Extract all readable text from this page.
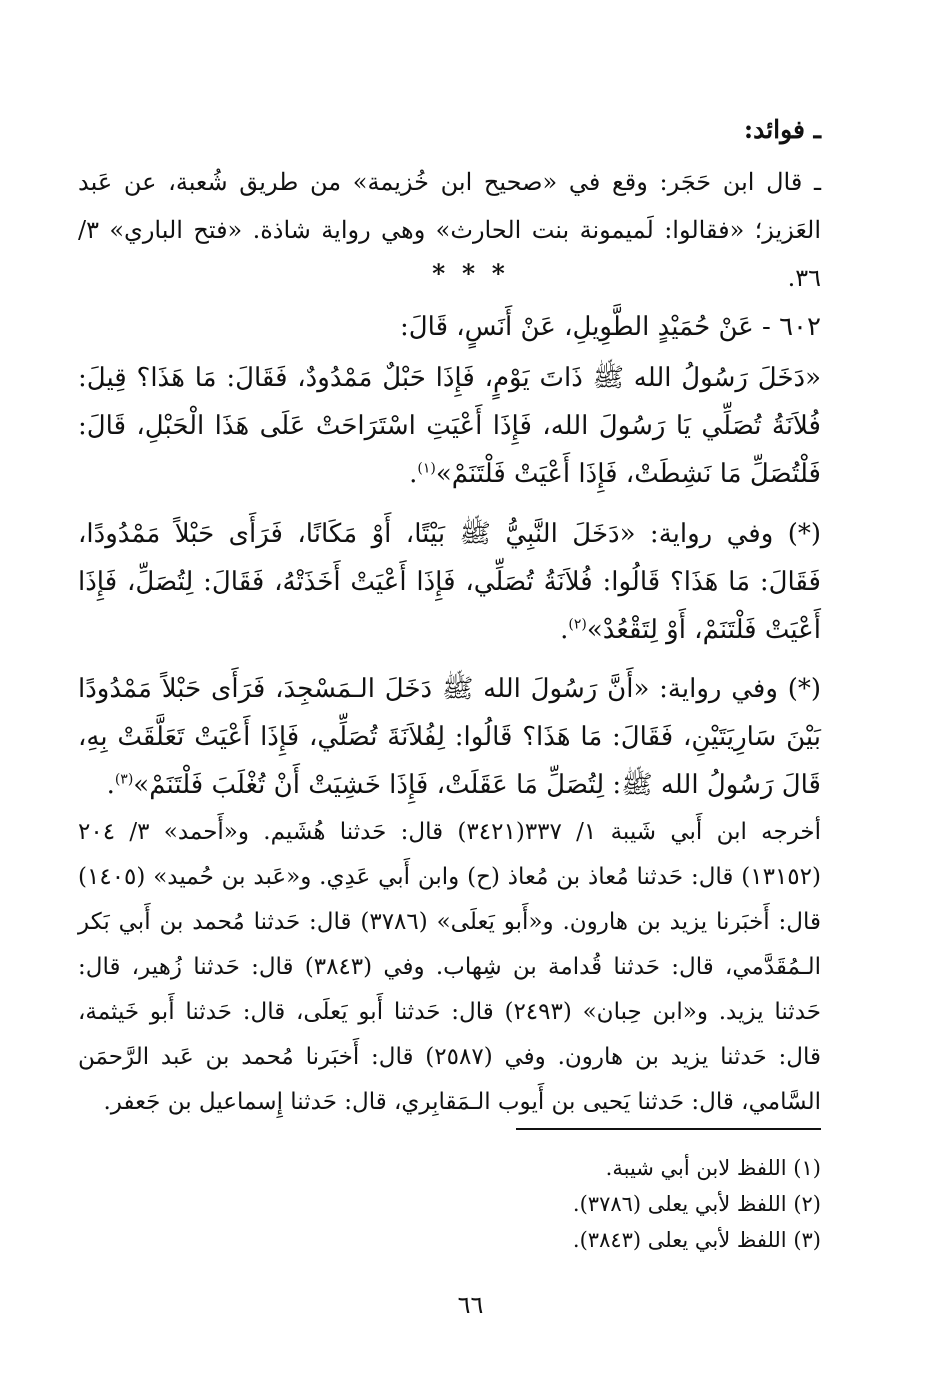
ـ فوائد:
ـ قال ابن حَجَر: وقع في «صحيح ابن خُزيمة» من طريق شُعبة، عن عَبد العَزيز؛ «فقالوا: لَميمونة بنت الحارث» وهي رواية شاذة. «فتح الباري» ٣/ ٣٦.
* * *
٦٠٢ - عَنْ حُمَيْدٍ الطَّوِيلِ، عَنْ أَنَسٍ، قَالَ:
«دَخَلَ رَسُولُ الله ﷺ ذَاتَ يَوْمٍ، فَإِذَا حَبْلٌ مَمْدُودٌ، فَقَالَ: مَا هَذَا؟ قِيلَ: فُلاَنَةُ تُصَلِّي يَا رَسُولَ الله، فَإِذَا أَعْيَتِ اسْتَرَاحَتْ عَلَى هَذَا الْحَبْلِ، قَالَ: فَلْتُصَلِّ مَا نَشِطَتْ، فَإِذَا أَعْيَتْ فَلْتَنَمْ»$^{(١)}$.
(*) وفي رواية: «دَخَلَ النَّبِيُّ ﷺ بَيْتًا، أَوْ مَكَانًا، فَرَأَى حَبْلاً مَمْدُودًا، فَقَالَ: مَا هَذَا؟ قَالُوا: فُلاَنَةُ تُصَلِّي، فَإِذَا أَعْيَتْ أَخَذَتْهُ، فَقَالَ: لِتُصَلِّ، فَإِذَا أَعْيَتْ فَلْتَنَمْ، أَوْ لِتَقْعُدْ»$^{(٢)}$.
(*) وفي رواية: «أَنَّ رَسُولَ الله ﷺ دَخَلَ الـمَسْجِدَ، فَرَأَى حَبْلاً مَمْدُودًا بَيْنَ سَارِيَتَيْنِ، فَقَالَ: مَا هَذَا؟ قَالُوا: لِفُلاَنَةَ تُصَلِّي، فَإِذَا أَعْيَتْ تَعَلَّقَتْ بِهِ، قَالَ رَسُولُ الله ﷺ: لِتُصَلِّ مَا عَقَلَتْ، فَإِذَا خَشِيَتْ أَنْ تُغْلَبَ فَلْتَنَمْ»$^{(٣)}$.
أخرجه ابن أَبي شَيبة ١/ ٣٣٧(٣٤٢١) قال: حَدثنا هُشَيم. و«أَحمد» ٣/ ٢٠٤ (١٣١٥٢) قال: حَدثنا مُعاذ بن مُعاذ (ح) وابن أَبي عَدِي. و«عَبد بن حُميد» (١٤٠٥) قال: أَخبَرنا يزيد بن هارون. و«أَبو يَعلَى» (٣٧٨٦) قال: حَدثنا مُحمد بن أَبي بَكر الـمُقَدَّمي، قال: حَدثنا قُدامة بن شِهاب. وفي (٣٨٤٣) قال: حَدثنا زُهير، قال: حَدثنا يزيد. و«ابن حِبان» (٢٤٩٣) قال: حَدثنا أَبو يَعلَى، قال: حَدثنا أَبو خَيثمة، قال: حَدثنا يزيد بن هارون. وفي (٢٥٨٧) قال: أَخبَرنا مُحمد بن عَبد الرَّحمَن السَّامي، قال: حَدثنا يَحيى بن أَيوب الـمَقابِري، قال: حَدثنا إِسماعيل بن جَعفر.
(١) اللفظ لابن أبي شيبة.
(٢) اللفظ لأبي يعلى (٣٧٨٦).
(٣) اللفظ لأبي يعلى (٣٨٤٣).
٦٦
